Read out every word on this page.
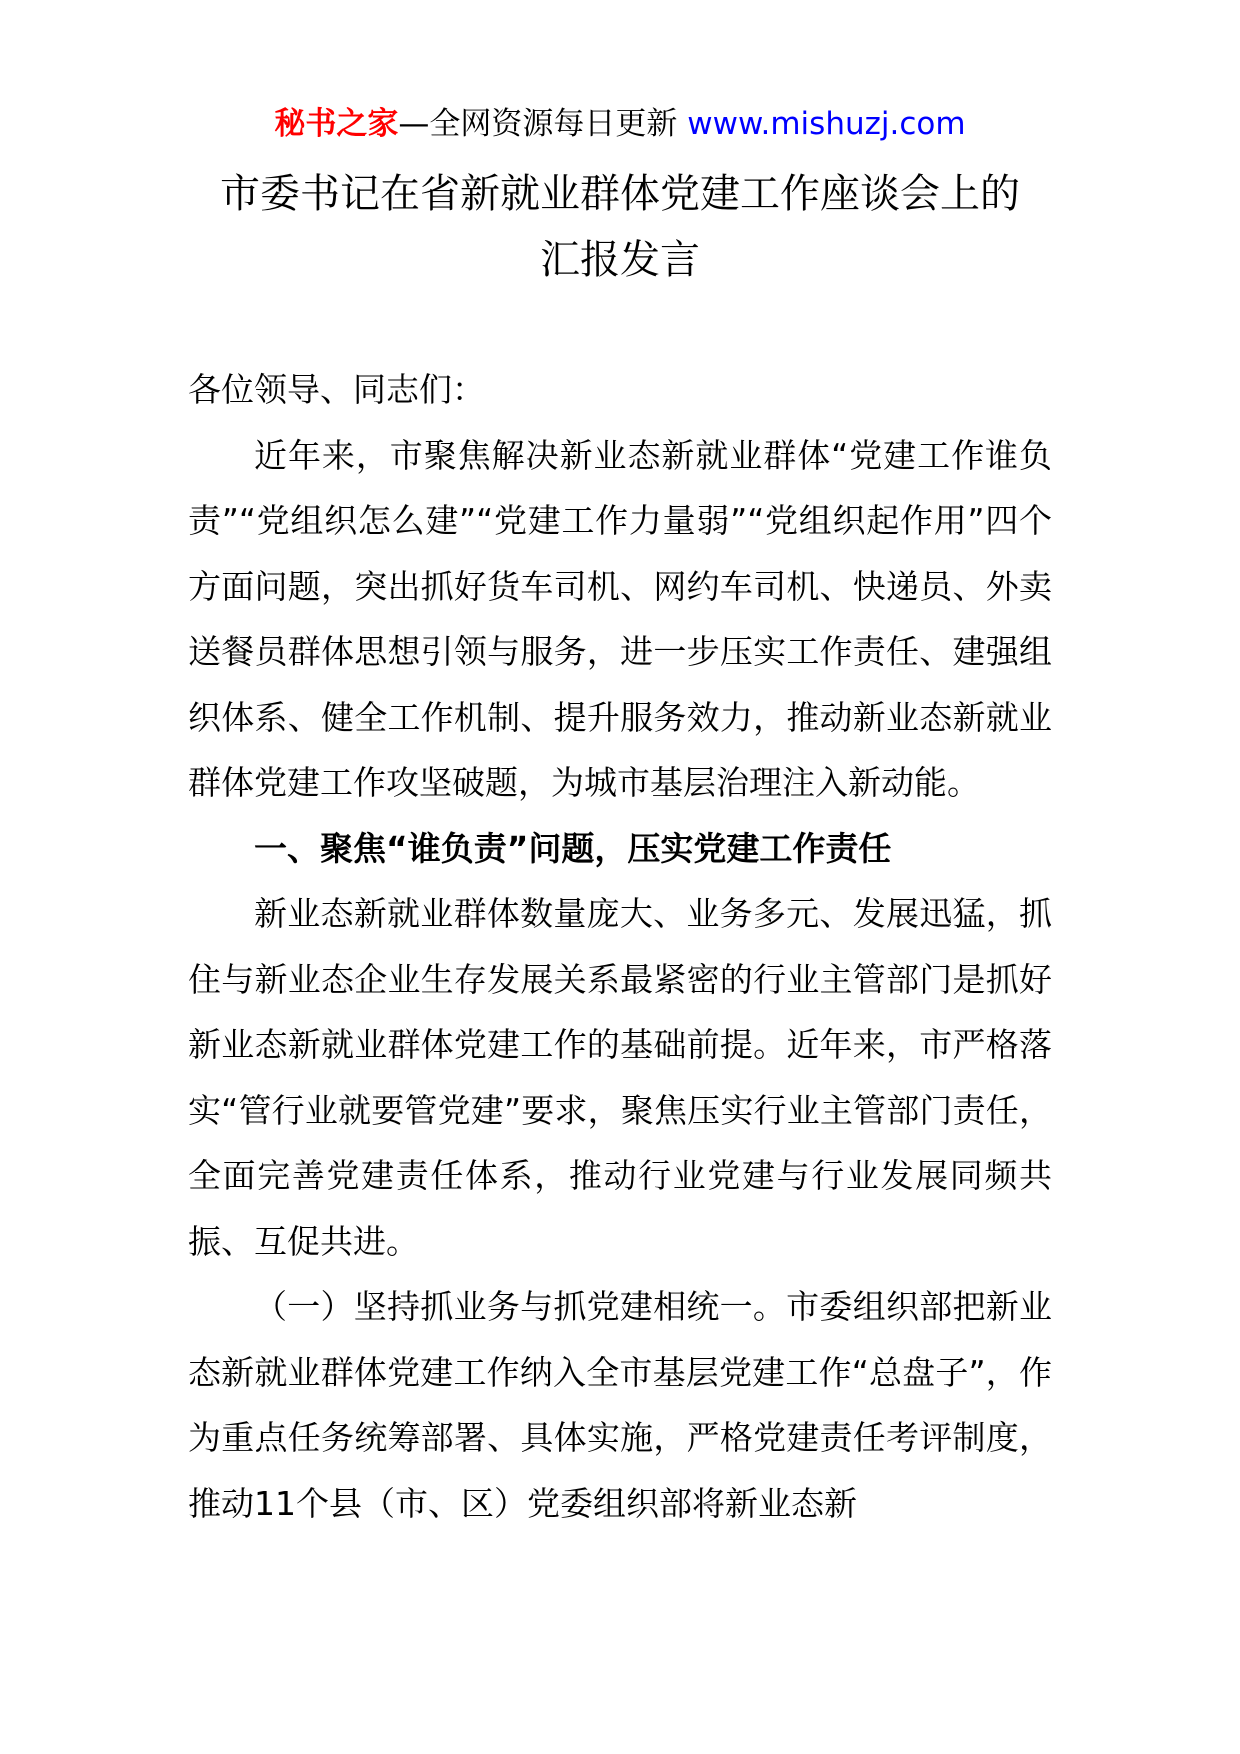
秘书之家—全网资源每日更新 www.mishuzj.com
市委书记在省新就业群体党建工作座谈会上的
汇报发言

各位领导、同志们：

近年来，市聚焦解决新业态新就业群体“党建工作谁负责”“党组织怎么建”“党建工作力量弱”“党组织起作用”四个方面问题，突出抓好货车司机、网约车司机、快递员、外卖送餐员群体思想引领与服务，进一步压实工作责任、建强组织体系、健全工作机制、提升服务效力，推动新业态新就业群体党建工作攻坚破题，为城市基层治理注入新动能。

一、聚焦“谁负责”问题，压实党建工作责任

新业态新就业群体数量庞大、业务多元、发展迅猛，抓住与新业态企业生存发展关系最紧密的行业主管部门是抓好新业态新就业群体党建工作的基础前提。近年来，市严格落实“管行业就要管党建”要求，聚焦压实行业主管部门责任，全面完善党建责任体系，推动行业党建与行业发展同频共振、互促共进。

（一）坚持抓业务与抓党建相统一。市委组织部把新业态新就业群体党建工作纳入全市基层党建工作“总盘子”，作为重点任务统筹部署、具体实施，严格党建责任考评制度，推动11个县（市、区）党委组织部将新业态新
